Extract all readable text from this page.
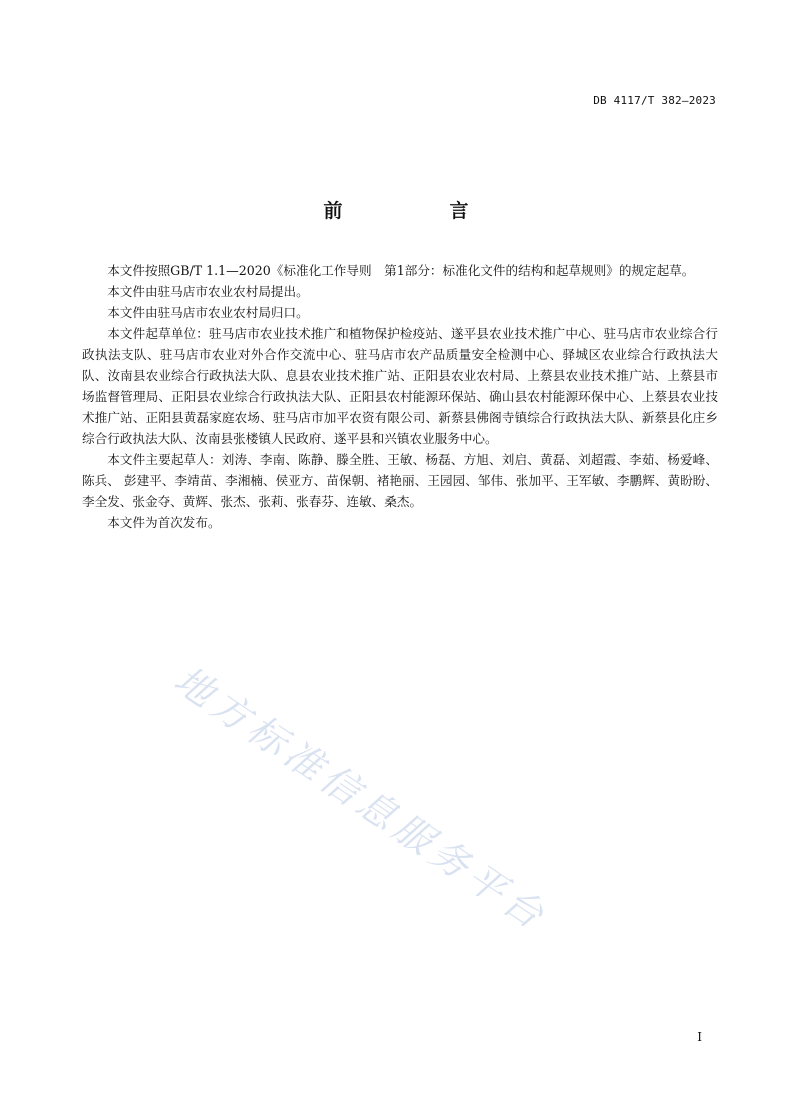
DB 4117/T 382—2023
前　言

本文件按照GB/T 1.1—2020《标准化工作导则　第1部分：标准化文件的结构和起草规则》的规定起草。

本文件由驻马店市农业农村局提出。

本文件由驻马店市农业农村局归口。

本文件起草单位：驻马店市农业技术推广和植物保护检疫站、遂平县农业技术推广中心、驻马店市农业综合行政执法支队、驻马店市农业对外合作交流中心、驻马店市农产品质量安全检测中心、驿城区农业综合行政执法大队、汝南县农业综合行政执法大队、息县农业技术推广站、正阳县农业农村局、上蔡县农业技术推广站、上蔡县市场监督管理局、正阳县农业综合行政执法大队、正阳县农村能源环保站、确山县农村能源环保中心、上蔡县农业技术推广站、正阳县黄磊家庭农场、驻马店市加平农资有限公司、新蔡县佛阁寺镇综合行政执法大队、新蔡县化庄乡综合行政执法大队、汝南县张楼镇人民政府、遂平县和兴镇农业服务中心。

本文件主要起草人：刘涛、李南、陈静、滕全胜、王敏、杨磊、方旭、刘启、黄磊、刘超霞、李茹、杨爱峰、陈兵、 彭建平、李靖苗、李湘楠、侯亚方、苗保朝、褚艳丽、王园园、邹伟、张加平、王军敏、李鹏辉、黄盼盼、李全发、张金夺、黄辉、张杰、张莉、张春芬、连敏、桑杰。

本文件为首次发布。

地方标准信息服务平台
I
